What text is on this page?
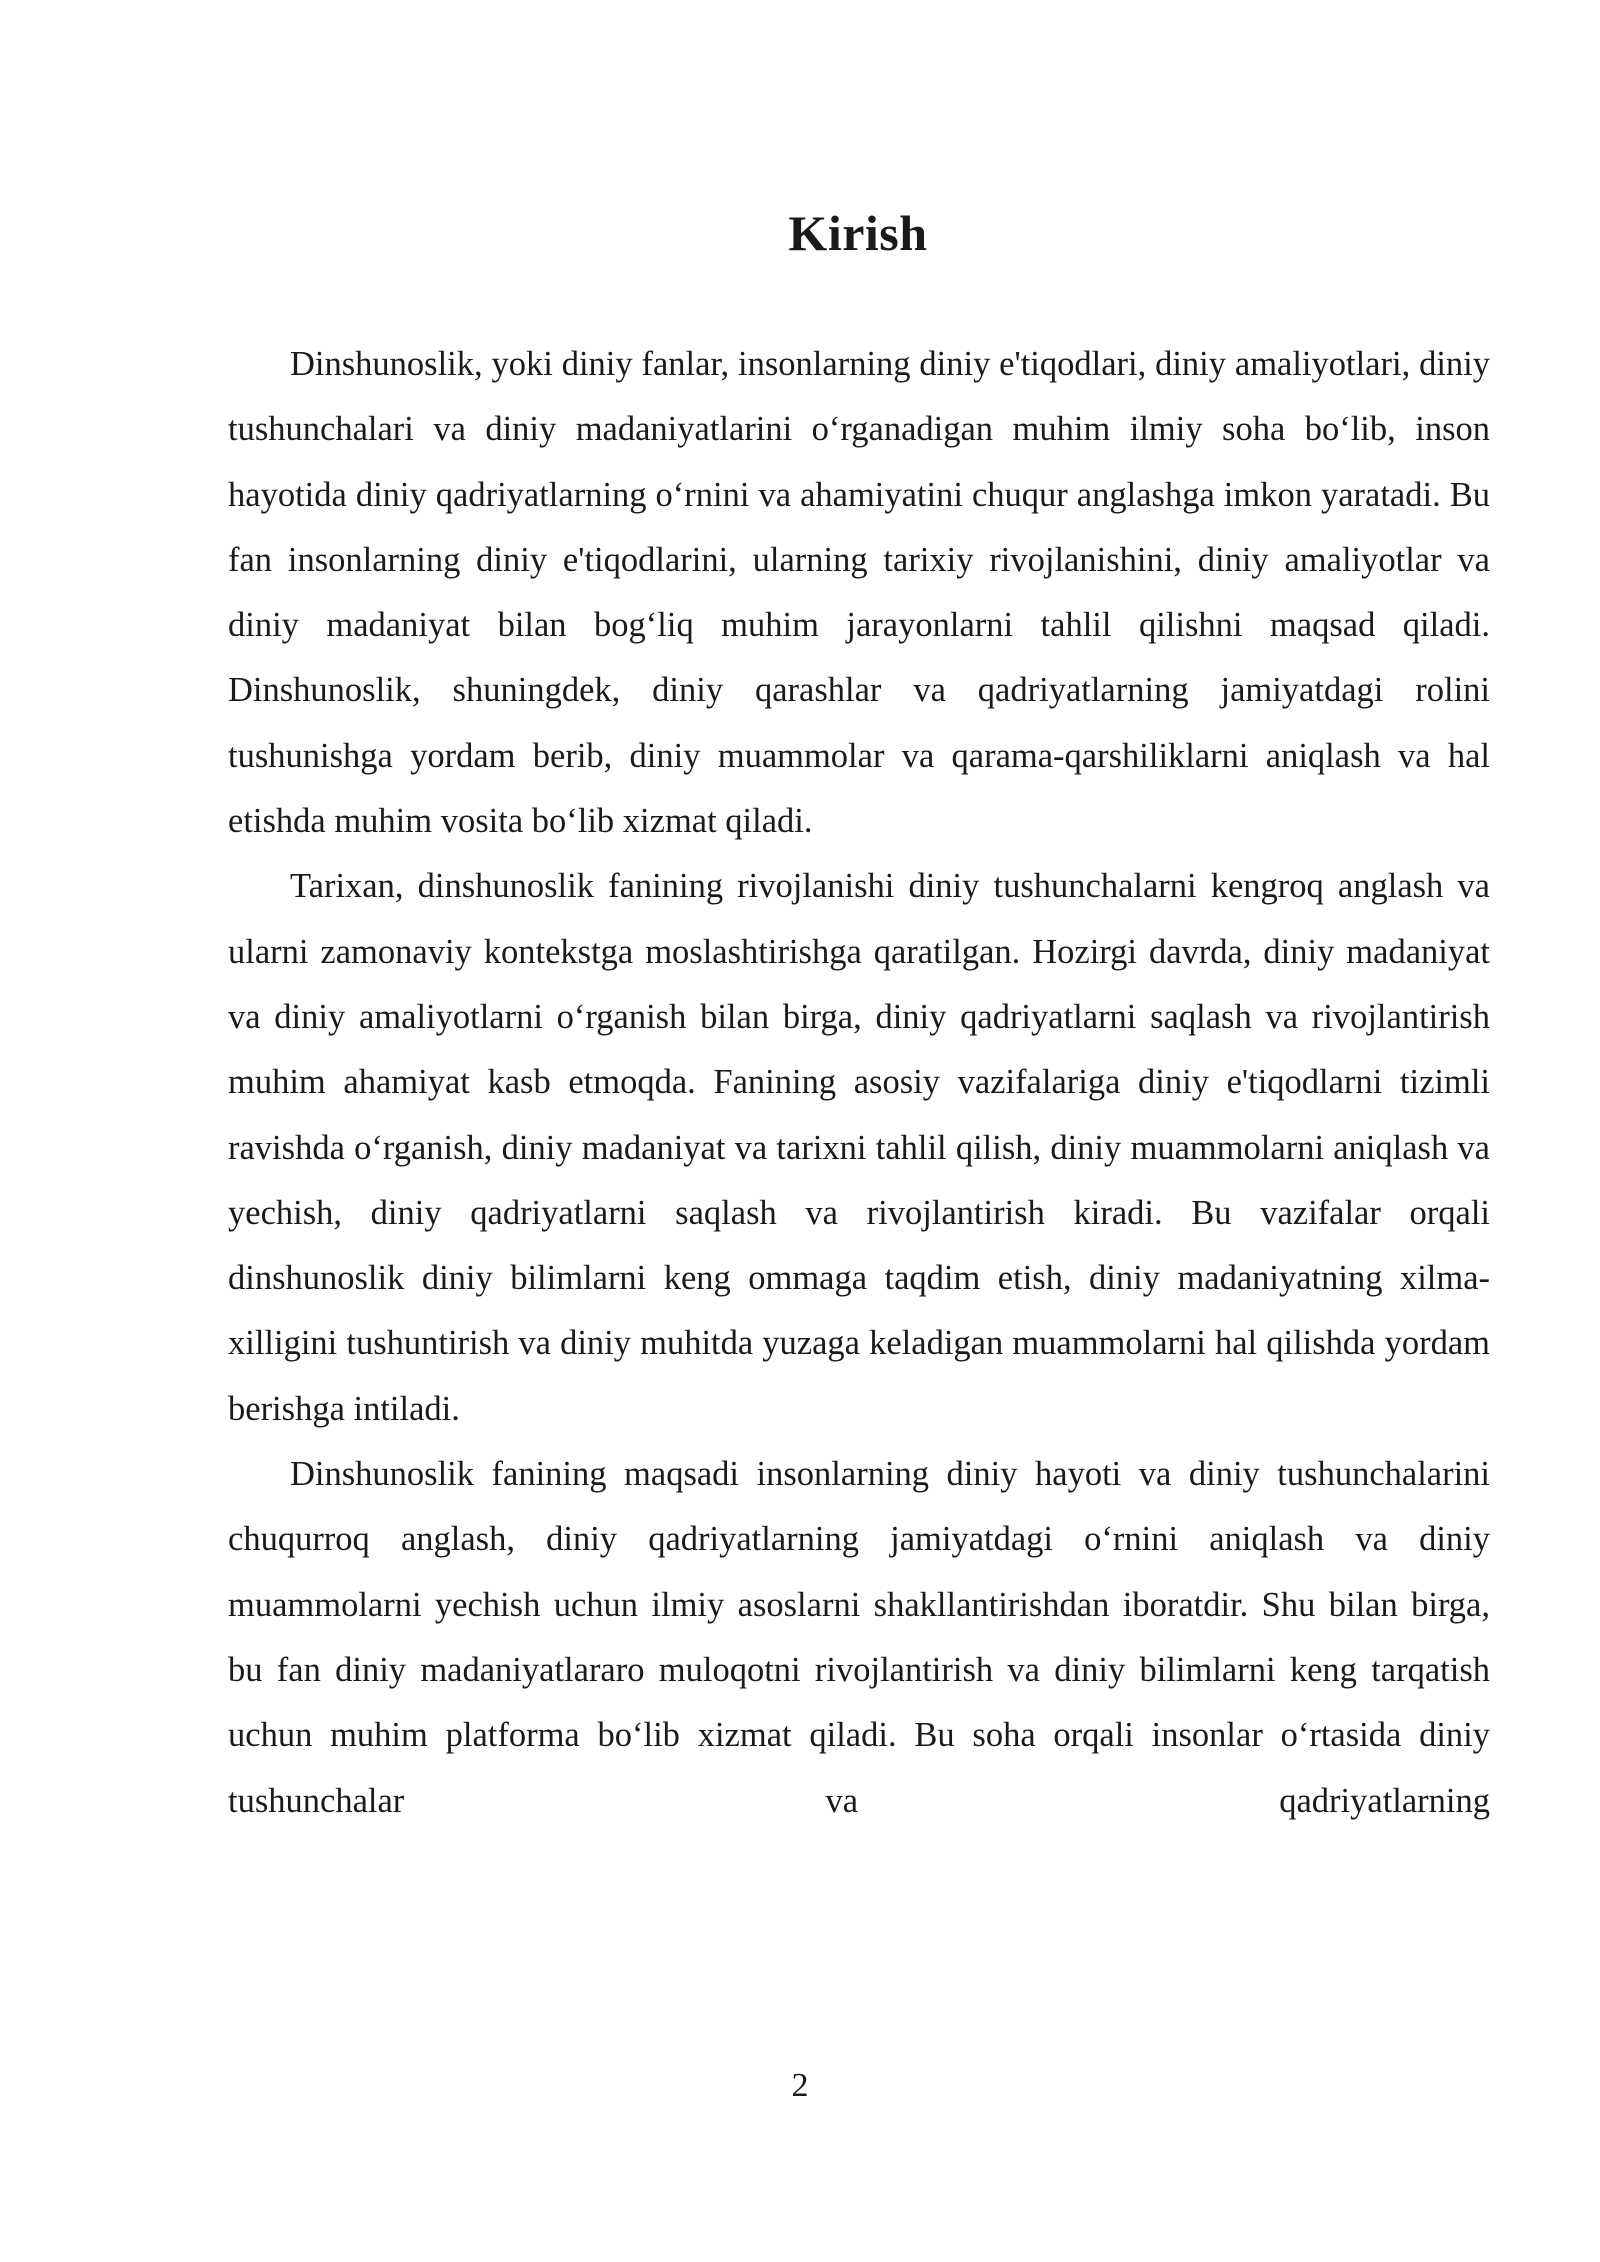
Kirish

Dinshunoslik, yoki diniy fanlar, insonlarning diniy e'tiqodlari, diniy amaliyotlari, diniy tushunchalari va diniy madaniyatlarini o‘rganadigan muhim ilmiy soha bo‘lib, inson hayotida diniy qadriyatlarning o‘rnini va ahamiyatini chuqur anglashga imkon yaratadi. Bu fan insonlarning diniy e'tiqodlarini, ularning tarixiy rivojlanishini, diniy amaliyotlar va diniy madaniyat bilan bog‘liq muhim jarayonlarni tahlil qilishni maqsad qiladi. Dinshunoslik, shuningdek, diniy qarashlar va qadriyatlarning jamiyatdagi rolini tushunishga yordam berib, diniy muammolar va qarama-qarshiliklarni aniqlash va hal etishda muhim vosita bo‘lib xizmat qiladi.

Tarixan, dinshunoslik fanining rivojlanishi diniy tushunchalarni kengroq anglash va ularni zamonaviy kontekstga moslashtirishga qaratilgan. Hozirgi davrda, diniy madaniyat va diniy amaliyotlarni o‘rganish bilan birga, diniy qadriyatlarni saqlash va rivojlantirish muhim ahamiyat kasb etmoqda. Fanining asosiy vazifalariga diniy e'tiqodlarni tizimli ravishda o‘rganish, diniy madaniyat va tarixni tahlil qilish, diniy muammolarni aniqlash va yechish, diniy qadriyatlarni saqlash va rivojlantirish kiradi. Bu vazifalar orqali dinshunoslik diniy bilimlarni keng ommaga taqdim etish, diniy madaniyatning xilma-xilligini tushuntirish va diniy muhitda yuzaga keladigan muammolarni hal qilishda yordam berishga intiladi.

Dinshunoslik fanining maqsadi insonlarning diniy hayoti va diniy tushunchalarini chuqurroq anglash, diniy qadriyatlarning jamiyatdagi o‘rnini aniqlash va diniy muammolarni yechish uchun ilmiy asoslarni shakllantirishdan iboratdir. Shu bilan birga, bu fan diniy madaniyatlararo muloqotni rivojlantirish va diniy bilimlarni keng tarqatish uchun muhim platforma bo‘lib xizmat qiladi. Bu soha orqali insonlar o‘rtasida diniy tushunchalar va qadriyatlarning

2
